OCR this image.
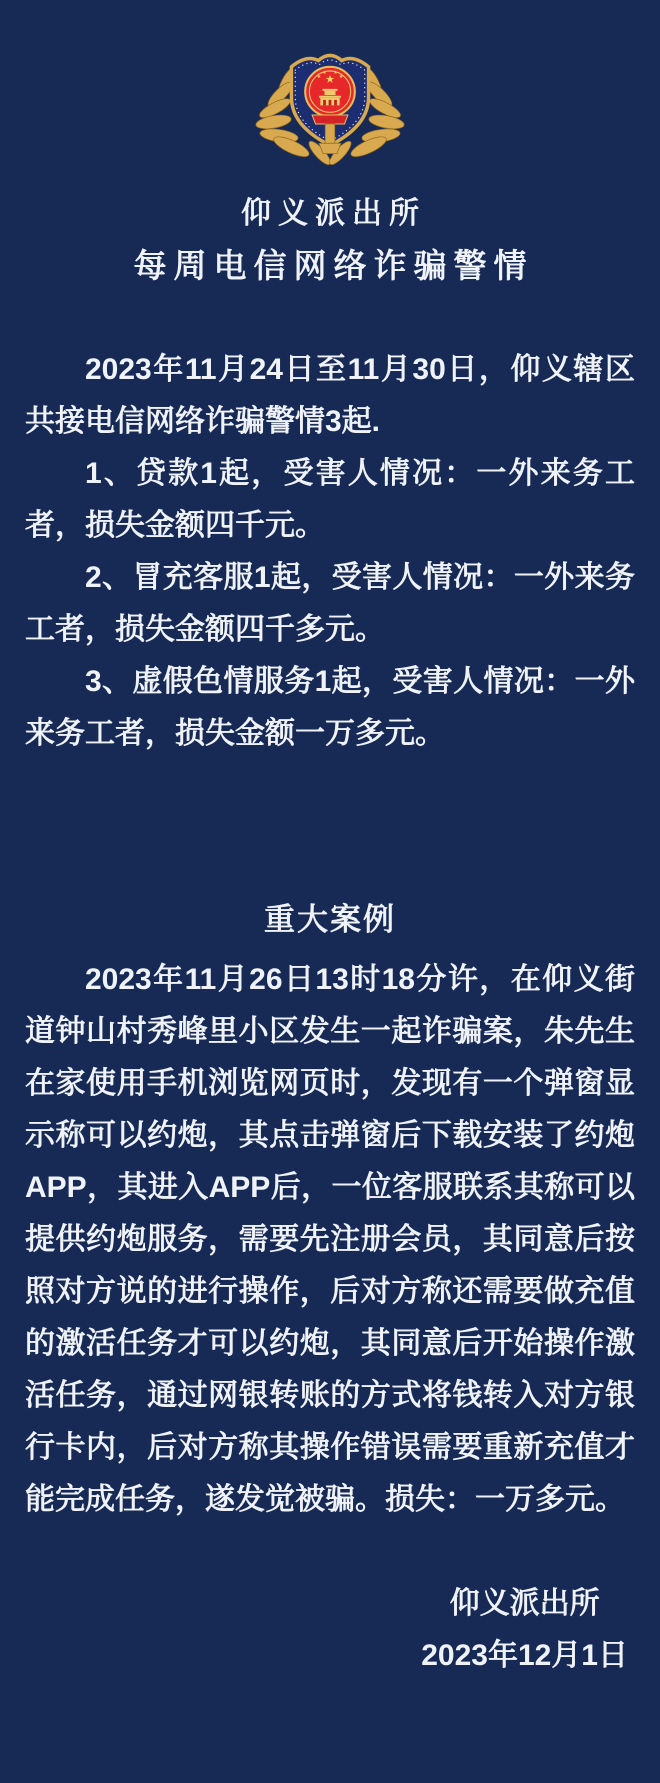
仰义派出所
每周电信网络诈骗警情

2023年11月24日至11月30日，仰义辖区共接电信网络诈骗警情3起.

1、贷款1起，受害人情况：一外来务工者，损失金额四千元。

2、冒充客服1起，受害人情况：一外来务工者，损失金额四千多元。

3、虚假色情服务1起，受害人情况：一外来务工者，损失金额一万多元。

重大案例

2023年11月26日13时18分许，在仰义街道钟山村秀峰里小区发生一起诈骗案，朱先生在家使用手机浏览网页时，发现有一个弹窗显示称可以约炮，其点击弹窗后下载安装了约炮APP，其进入APP后，一位客服联系其称可以提供约炮服务，需要先注册会员，其同意后按照对方说的进行操作，后对方称还需要做充值的激活任务才可以约炮，其同意后开始操作激活任务，通过网银转账的方式将钱转入对方银行卡内，后对方称其操作错误需要重新充值才能完成任务，遂发觉被骗。损失：一万多元。

仰义派出所
2023年12月1日
